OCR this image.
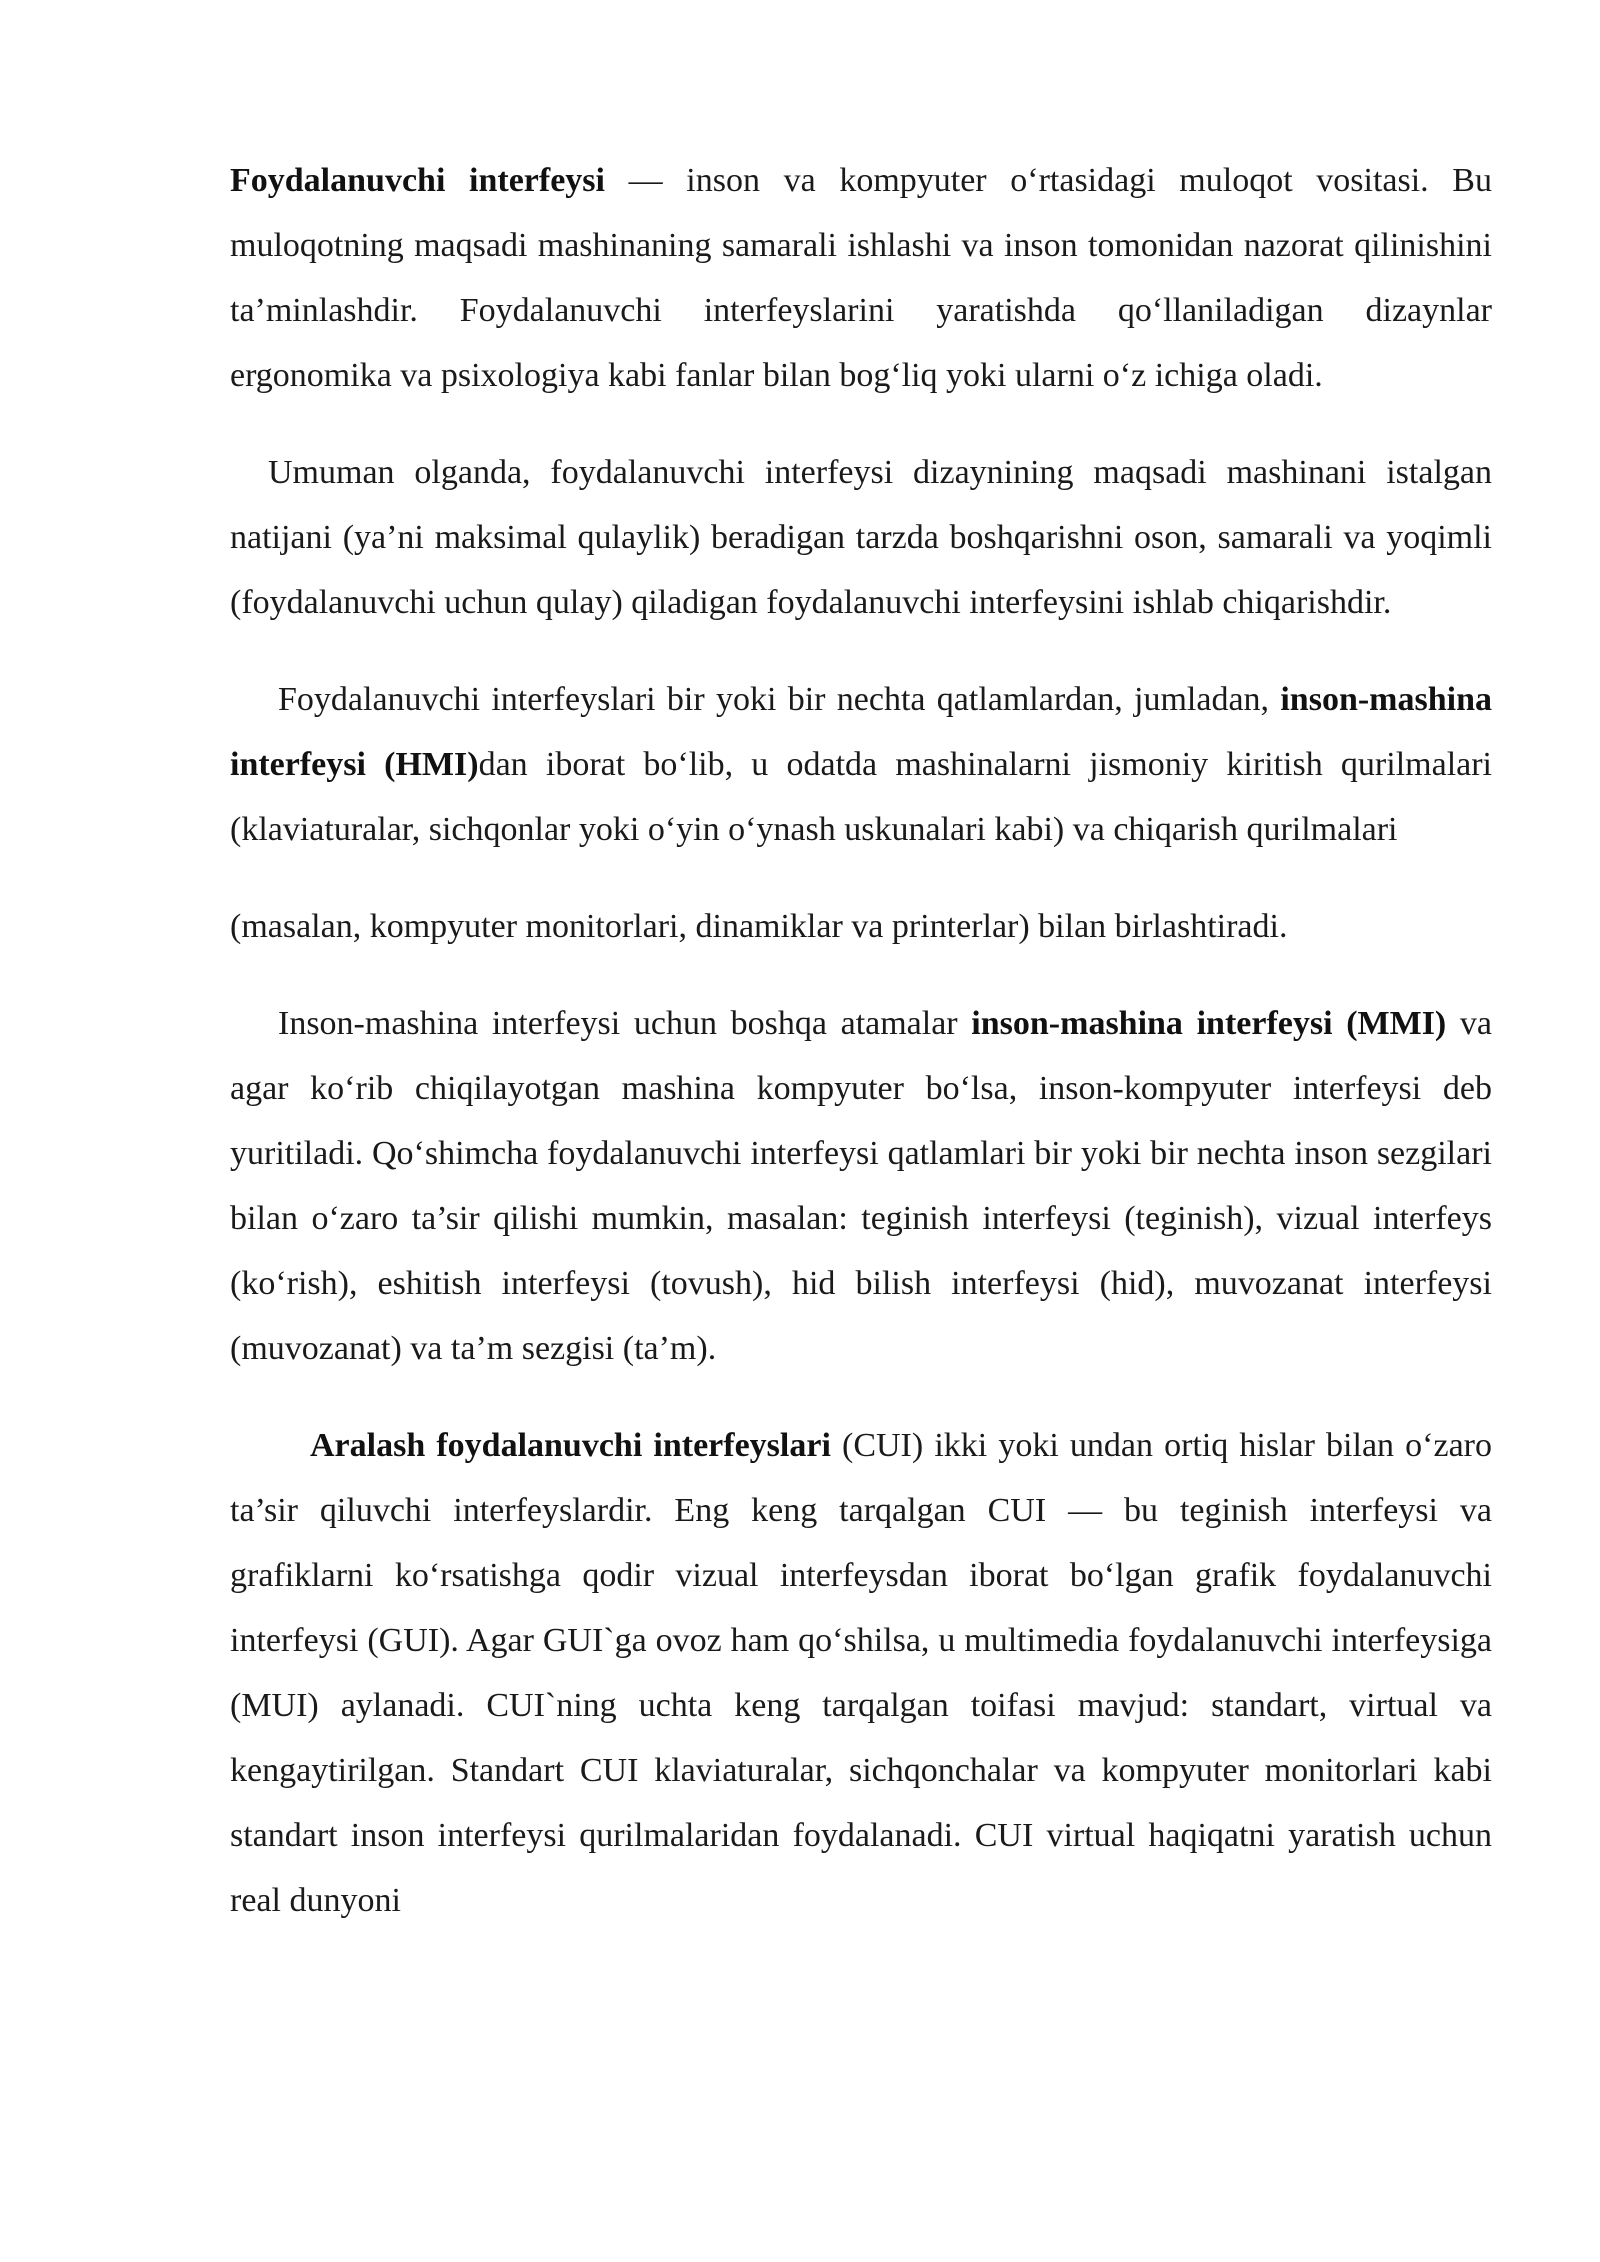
Foydalanuvchi interfeysi — inson va kompyuter o‘rtasidagi muloqot vositasi. Bu muloqotning maqsadi mashinaning samarali ishlashi va inson tomonidan nazorat qilinishini ta’minlashdir. Foydalanuvchi interfeyslarini yaratishda qo‘llaniladigan dizaynlar ergonomika va psixologiya kabi fanlar bilan bog‘liq yoki ularni o‘z ichiga oladi.

Umuman olganda, foydalanuvchi interfeysi dizaynining maqsadi mashinani istalgan natijani (ya’ni maksimal qulaylik) beradigan tarzda boshqarishni oson, samarali va yoqimli (foydalanuvchi uchun qulay) qiladigan foydalanuvchi interfeysini ishlab chiqarishdir.

Foydalanuvchi interfeyslari bir yoki bir nechta qatlamlardan, jumladan, inson-mashina interfeysi (HMI)dan iborat bo‘lib, u odatda mashinalarni jismoniy kiritish qurilmalari (klaviaturalar, sichqonlar yoki o‘yin o‘ynash uskunalari kabi) va chiqarish qurilmalari

(masalan, kompyuter monitorlari, dinamiklar va printerlar) bilan birlashtiradi.

Inson-mashina interfeysi uchun boshqa atamalar inson-mashina interfeysi (MMI) va agar ko‘rib chiqilayotgan mashina kompyuter bo‘lsa, inson-kompyuter interfeysi deb yuritiladi. Qo‘shimcha foydalanuvchi interfeysi qatlamlari bir yoki bir nechta inson sezgilari bilan o‘zaro ta’sir qilishi mumkin, masalan: teginish interfeysi (teginish), vizual interfeys (ko‘rish), eshitish interfeysi (tovush), hid bilish interfeysi (hid), muvozanat interfeysi (muvozanat) va ta’m sezgisi (ta’m).

Aralash foydalanuvchi interfeyslari (CUI) ikki yoki undan ortiq hislar bilan o‘zaro ta’sir qiluvchi interfeyslardir. Eng keng tarqalgan CUI — bu teginish interfeysi va grafiklarni ko‘rsatishga qodir vizual interfeysdan iborat bo‘lgan grafik foydalanuvchi interfeysi (GUI). Agar GUI`ga ovoz ham qo‘shilsa, u multimedia foydalanuvchi interfeysiga (MUI) aylanadi. CUI`ning uchta keng tarqalgan toifasi mavjud: standart, virtual va kengaytirilgan. Standart CUI klaviaturalar, sichqonchalar va kompyuter monitorlari kabi standart inson interfeysi qurilmalaridan foydalanadi. CUI virtual haqiqatni yaratish uchun real dunyoni
